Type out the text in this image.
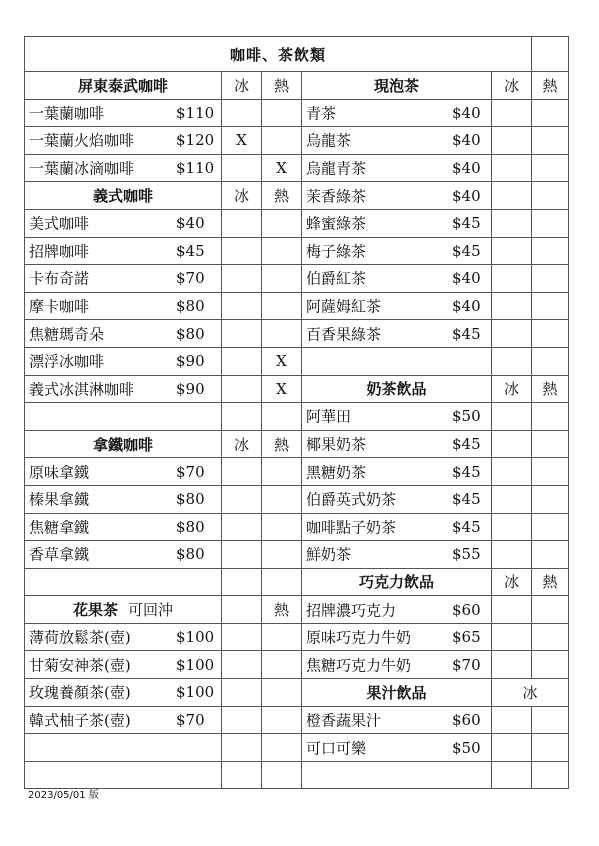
咖啡、茶飲類					
屏東泰武咖啡	冰	熱	現泡茶	冰	熱

一葉蘭咖啡 $110			青茶 $40		

一葉蘭火焰咖啡 $120	X		烏龍茶 $40		

一葉蘭冰滴咖啡 $110		X	烏龍青茶 $40		

義式咖啡	冰	熱	茉香綠茶 $40		

美式咖啡 $40			蜂蜜綠茶 $45		

招牌咖啡 $45			梅子綠茶 $45		

卡布奇諾 $70			伯爵紅茶 $40		

摩卡咖啡 $80			阿薩姆紅茶 $40		

焦糖瑪奇朵 $80			百香果綠茶 $45		

漂浮冰咖啡 $90		X			

義式冰淇淋咖啡 $90		X	奶茶飲品	冰	熱

			阿華田 $50		

拿鐵咖啡	冰	熱	椰果奶茶 $45		

原味拿鐵 $70			黑糖奶茶 $45		

榛果拿鐵 $80			伯爵英式奶茶 $45		

焦糖拿鐵 $80			咖啡點子奶茶 $45		

香草拿鐵 $80			鮮奶茶 $55		

			巧克力飲品	冰	熱
花果茶 可回沖		熱	招牌濃巧克力 $60		

薄荷放鬆茶(壺) $100			原味巧克力牛奶 $65		

甘菊安神茶(壺) $100			焦糖巧克力牛奶 $70		

玫瑰養顏茶(壺) $100			果汁飲品	冰	

韓式柚子茶(壺) $70			橙香蔬果汁 $60		

			可口可樂 $50		

2023/05/01 版
